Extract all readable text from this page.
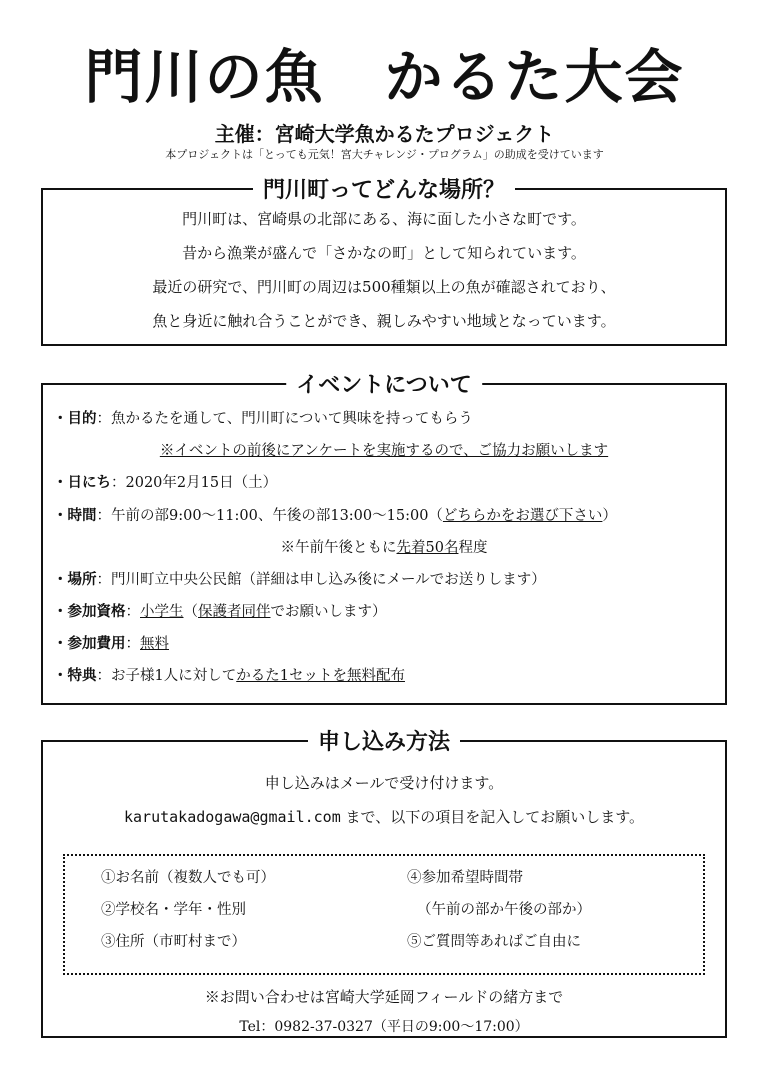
門川の魚　かるた大会
主催：宮崎大学魚かるたプロジェクト
本プロジェクトは「とっても元気！宮大チャレンジ・プログラム」の助成を受けています
門川町ってどんな場所？
門川町は、宮崎県の北部にある、海に面した小さな町です。
昔から漁業が盛んで「さかなの町」として知られています。
最近の研究で、門川町の周辺は500種類以上の魚が確認されており、
魚と身近に触れ合うことができ、親しみやすい地域となっています。
イベントについて
・目的：魚かるたを通して、門川町について興味を持ってもらう
※イベントの前後にアンケートを実施するので、ご協力お願いします
・日にち：2020年2月15日（土）
・時間：午前の部9:00〜11:00、午後の部13:00〜15:00（どちらかをお選び下さい）
※午前午後ともに先着50名程度
・場所：門川町立中央公民館（詳細は申し込み後にメールでお送りします）
・参加資格：小学生（保護者同伴でお願いします）
・参加費用：無料
・特典：お子様1人に対してかるた1セットを無料配布
申し込み方法
申し込みはメールで受け付けます。
karutakadogawa@gmail.com まで、以下の項目を記入してお願いします。
①お名前（複数人でも可）
②学校名・学年・性別
③住所（市町村まで）
④参加希望時間帯
（午前の部か午後の部か）
⑤ご質問等あればご自由に
※お問い合わせは宮崎大学延岡フィールドの緒方まで
Tel：0982-37-0327（平日の9:00〜17:00）
